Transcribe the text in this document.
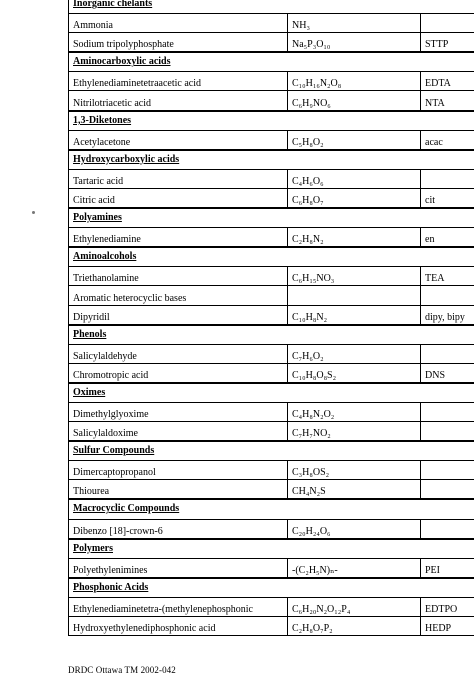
Inorganic chelants		
Ammonia	NH₃	
Sodium tripolyphosphate	Na₅P₃O₁₀	STTP
Aminocarboxylic acids		
Ethylenediaminetetraacetic acid	C₁₀H₁₆N₂O₈	EDTA
Nitrilotriacetic acid	C₆H₉NO₆	NTA
1,3-Diketones		
Acetylacetone	C₅H₈O₂	acac
Hydroxycarboxylic acids		
Tartaric acid	C₄H₆O₆	
Citric acid	C₆H₈O₇	cit
Polyamines		
Ethylenediamine	C₂H₈N₂	en
Aminoalcohols		
Triethanolamine	C₆H₁₅NO₃	TEA
Aromatic heterocyclic bases		
Dipyridil	C₁₀H₈N₂	dipy, bipy
Phenols		
Salicylaldehyde	C₇H₆O₂	
Chromotropic acid	C₁₀H₈O₈S₂	DNS
Oximes		
Dimethylglyoxime	C₄H₈N₂O₂	
Salicylaldoxime	C₇H₇NO₂	
Sulfur Compounds		
Dimercaptopropanol	C₃H₈OS₂	
Thiourea	CH₄N₂S	
Macrocyclic Compounds		
Dibenzo [18]-crown-6	C₂₀H₂₄O₆	
Polymers		
Polyethylenimines	-(C₂H₅N)ₙ-	PEI
Phosphonic Acids		
Ethylenediaminetetra-(methylenephosphonic	C₆H₂₀N₂O₁₂P₄	EDTPO
Hydroxyethylenediphosphonic acid	C₂H₈O₇P₂	HEDP
DRDC Ottawa TM 2002-042
